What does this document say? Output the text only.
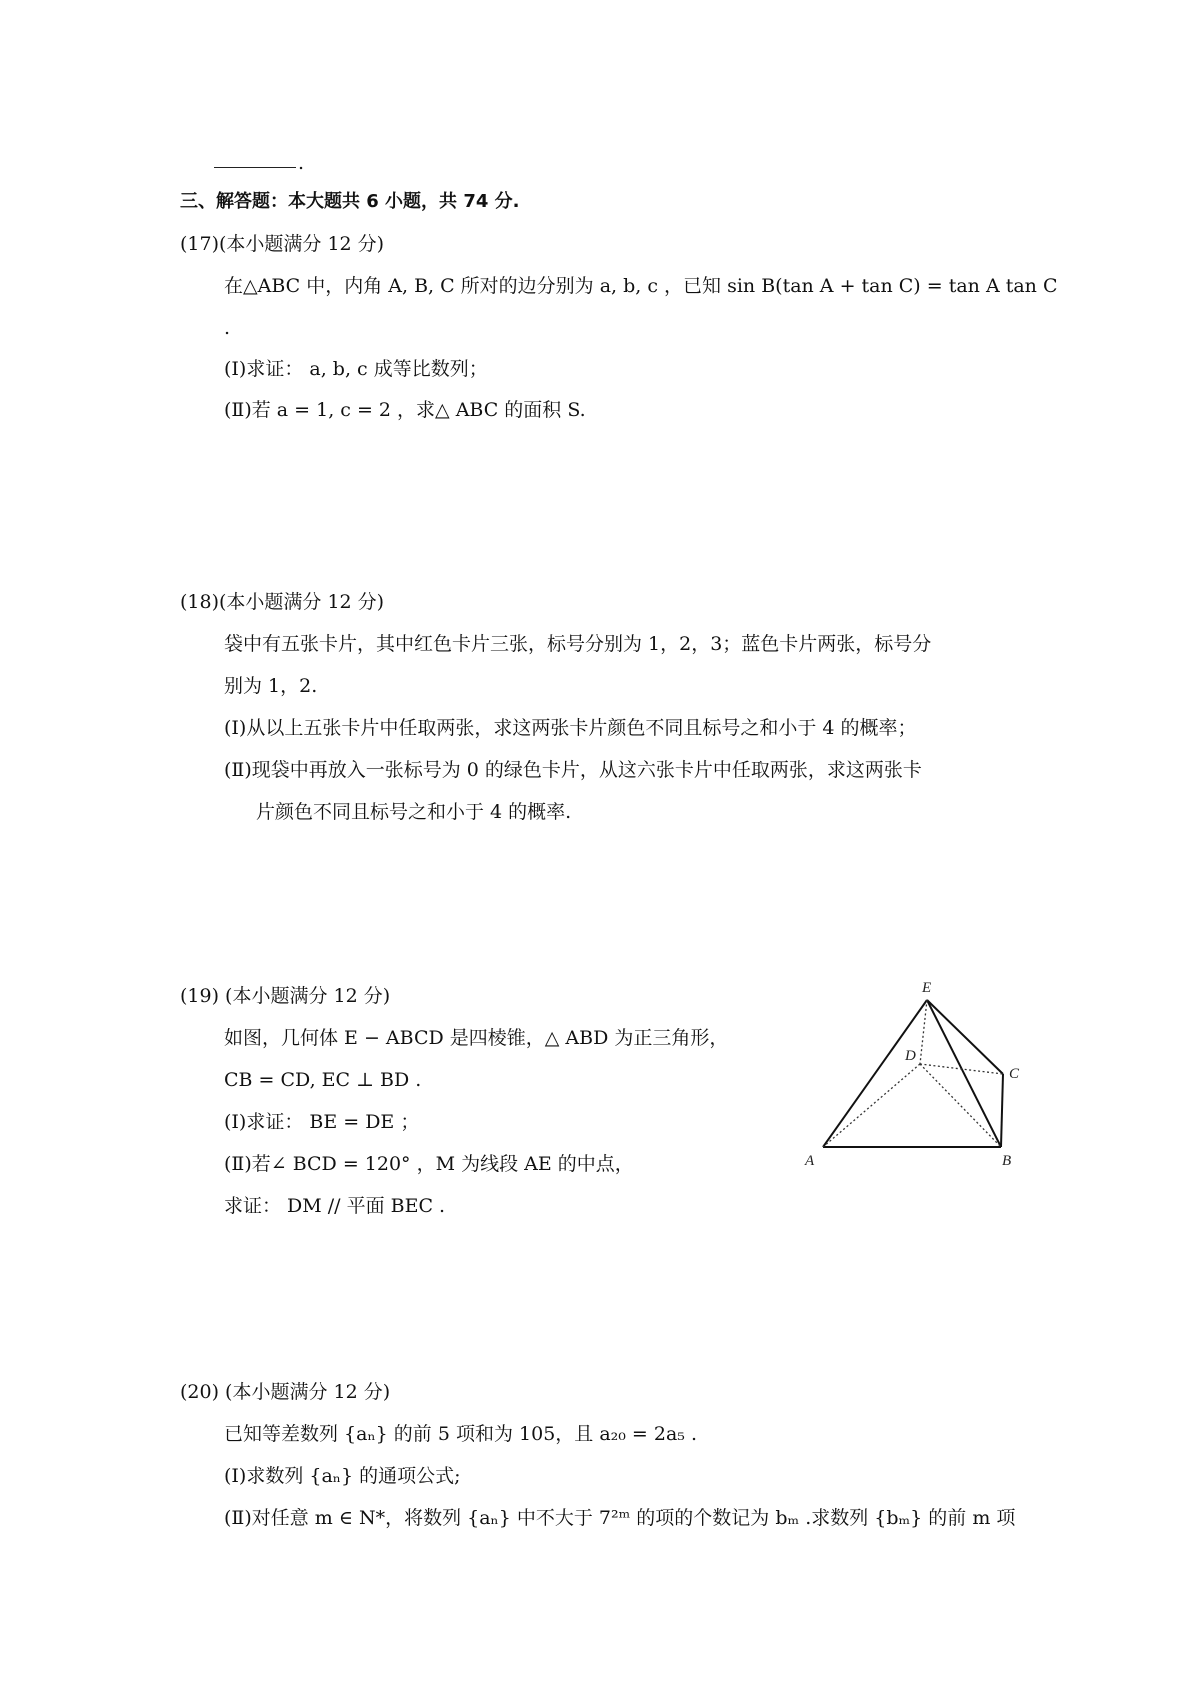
.
三、解答题：本大题共 6 小题，共 74 分.
(17)(本小题满分 12 分)
在△ABC 中，内角 A, B, C 所对的边分别为 a, b, c ，已知 sin B(tan A + tan C) = tan A tan C
.
(Ⅰ)求证： a, b, c 成等比数列；
(Ⅱ)若 a = 1, c = 2 ，求△ ABC 的面积 S.
(18)(本小题满分 12 分)
袋中有五张卡片，其中红色卡片三张，标号分别为 1，2，3；蓝色卡片两张，标号分
别为 1，2.
(Ⅰ)从以上五张卡片中任取两张，求这两张卡片颜色不同且标号之和小于 4 的概率；
(Ⅱ)现袋中再放入一张标号为 0 的绿色卡片，从这六张卡片中任取两张，求这两张卡
片颜色不同且标号之和小于 4 的概率.
(19) (本小题满分 12 分)
如图，几何体 E − ABCD 是四棱锥，△ ABD 为正三角形，
CB = CD, EC ⊥ BD .
(Ⅰ)求证： BE = DE ；
(Ⅱ)若∠ BCD = 120° ，M 为线段 AE 的中点，
求证： DM // 平面 BEC .
E
D
C
A	B
(20) (本小题满分 12 分)
已知等差数列 {aₙ} 的前 5 项和为 105，且 a₂₀ = 2a₅ .
(Ⅰ)求数列 {aₙ} 的通项公式;
(Ⅱ)对任意 m ∈ N*，将数列 {aₙ} 中不大于 7²ᵐ 的项的个数记为 bₘ .求数列 {bₘ} 的前 m 项
